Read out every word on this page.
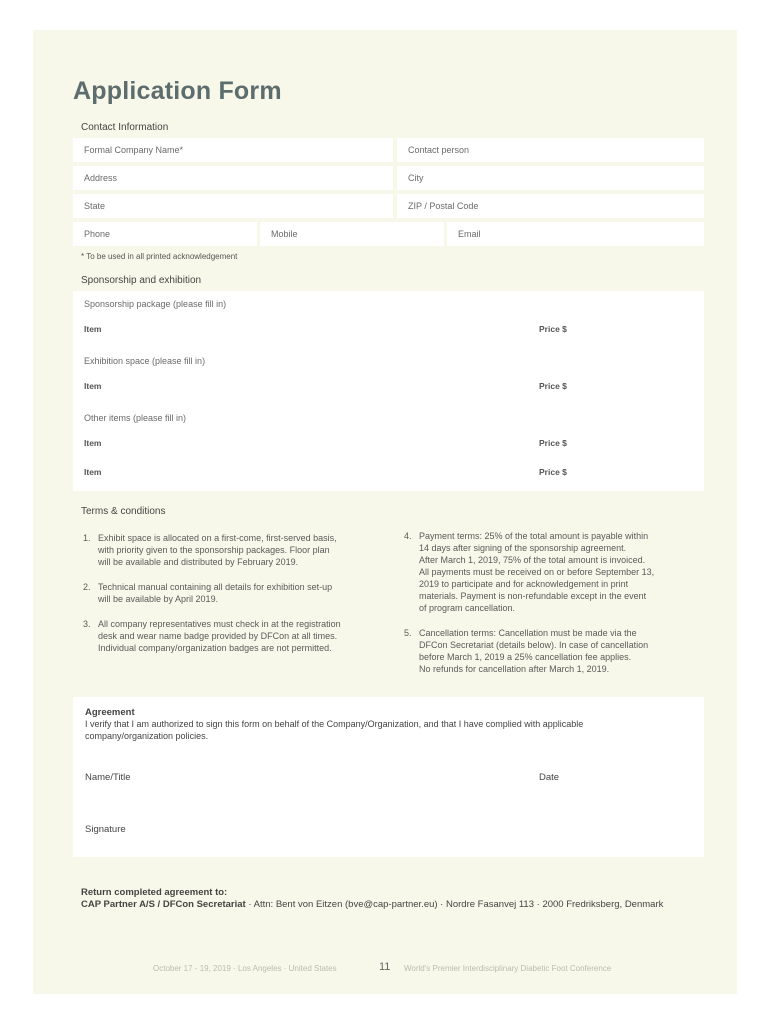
Application Form
Contact Information
Formal Company Name*	Contact person
Address	City
State	ZIP / Postal Code
Phone	Mobile	Email
* To be used in all printed acknowledgement
Sponsorship and exhibition
Sponsorship package (please fill in)
Item	Price $
Exhibition space (please fill in)
Item	Price $
Other items (please fill in)
Item	Price $
Item	Price $
Terms & conditions
1. Exhibit space is allocated on a first-come, first-served basis,
with priority given to the sponsorship packages. Floor plan
will be available and distributed by February 2019.
2. Technical manual containing all details for exhibition set-up
will be available by April 2019.
3. All company representatives must check in at the registration
desk and wear name badge provided by DFCon at all times.
Individual company/organization badges are not permitted.
4. Payment terms: 25% of the total amount is payable within
14 days after signing of the sponsorship agreement.
After March 1, 2019, 75% of the total amount is invoiced.
All payments must be received on or before September 13,
2019 to participate and for acknowledgement in print
materials. Payment is non-refundable except in the event
of program cancellation.
5. Cancellation terms: Cancellation must be made via the
DFCon Secretariat (details below). In case of cancellation
before March 1, 2019 a 25% cancellation fee applies.
No refunds for cancellation after March 1, 2019.
Agreement
I verify that I am authorized to sign this form on behalf of the Company/Organization, and that I have complied with applicable
company/organization policies.
Name/Title	Date
Signature
Return completed agreement to:
CAP Partner A/S / DFCon Secretariat · Attn: Bent von Eitzen (bve@cap-partner.eu) · Nordre Fasanvej 113 · 2000 Fredriksberg, Denmark
October 17 - 19, 2019 · Los Angeles · United States	11 World's Premier Interdisciplinary Diabetic Foot Conference
